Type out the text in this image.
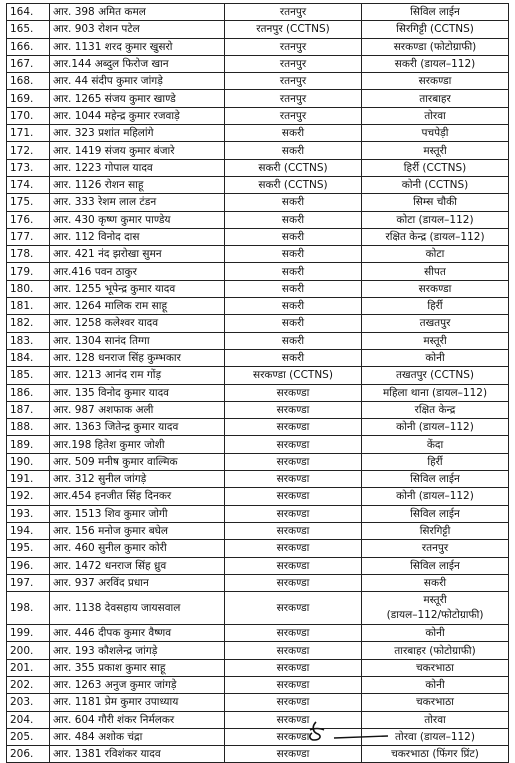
164.	आर. 398 अमित कमल	रतनपुर	सिविल लाईन
165.	आर. 903 रोशन पटेल	रतनपुर (CCTNS)	सिरगिट्टी (CCTNS)
166.	आर. 1131 शरद कुमार खुसरो	रतनपुर	सरकण्डा (फोटोग्राफी)
167.	आर.144 अब्दुल फिरोज खान	रतनपुर	सकरी (डायल–112)
168.	आर. 44 संदीप कुमार जांगड़े	रतनपुर	सरकण्डा
169.	आर. 1265 संजय कुमार खाण्डे	रतनपुर	तारबाहर
170.	आर. 1044 महेन्द्र कुमार रजवाड़े	रतनपुर	तोरवा
171.	आर. 323 प्रशांत महिलांगे	सकरी	पचपेड़ी
172.	आर. 1419 संजय कुमार बंजारे	सकरी	मस्तूरी
173.	आर. 1223 गोपाल यादव	सकरी (CCTNS)	हिर्री (CCTNS)
174.	आर. 1126 रोशन साहू	सकरी (CCTNS)	कोनी (CCTNS)
175.	आर. 333 रेशम लाल टंडन	सकरी	सिम्स चौकी
176.	आर. 430 कृष्ण कुमार पाण्डेय	सकरी	कोटा (डायल–112)
177.	आर. 112 विनोद दास	सकरी	रक्षित केन्द्र (डायल–112)
178.	आर. 421 नंद झरोखा सुमन	सकरी	कोटा
179.	आर.416 पवन ठाकुर	सकरी	सीपत
180.	आर. 1255 भूपेन्द्र कुमार यादव	सकरी	सरकण्डा
181.	आर. 1264 मालिक राम साहू	सकरी	हिर्री
182.	आर. 1258 कलेश्वर यादव	सकरी	तखतपुर
183.	आर. 1304 सानंद तिग्गा	सकरी	मस्तूरी
184.	आर. 128 धनराज सिंह कुम्भकार	सकरी	कोनी
185.	आर. 1213 आनंद राम गोंड़	सरकण्डा (CCTNS)	तखतपुर (CCTNS)
186.	आर. 135 विनोद कुमार यादव	सरकण्डा	महिला थाना (डायल–112)
187.	आर. 987 अशफाक अली	सरकण्डा	रक्षित केन्द्र
188.	आर. 1363 जितेन्द्र कुमार यादव	सरकण्डा	कोनी (डायल–112)
189.	आर.198 हितेश कुमार जोशी	सरकण्डा	केंदा
190.	आर. 509 मनीष कुमार वाल्मिक	सरकण्डा	हिर्री
191.	आर. 312 सुनील जांगड़े	सरकण्डा	सिविल लाईन
192.	आर.454 हनजीत सिंह दिनकर	सरकण्डा	कोनी (डायल–112)
193.	आर. 1513 शिव कुमार जोगी	सरकण्डा	सिविल लाईन
194.	आर. 156 मनोज कुमार बघेल	सरकण्डा	सिरगिट्टी
195.	आर. 460 सुनील कुमार कोरी	सरकण्डा	रतनपुर
196.	आर. 1472 धनराज सिंह ध्रुव	सरकण्डा	सिविल लाईन
197.	आर. 937 अरविंद प्रधान	सरकण्डा	सकरी
198.	आर. 1138 देवसहाय जायसवाल	सरकण्डा	मस्तूरी
(डायल–112/फोटोग्राफी)

199.	आर. 446 दीपक कुमार वैष्णव	सरकण्डा	कोनी
200.	आर. 193 कौशलेन्द्र जांगड़े	सरकण्डा	तारबाहर (फोटोग्राफी)
201.	आर. 355 प्रकाश कुमार साहू	सरकण्डा	चकरभाठा
202.	आर. 1263 अनुज कुमार जांगड़े	सरकण्डा	कोनी
203.	आर. 1181 प्रेम कुमार उपाध्याय	सरकण्डा	चकरभाठा
204.	आर. 604 गौरी शंकर निर्मलकर	सरकण्डा	तोरवा
205.	आर. 484 अशोक चंद्रा	सरकण्डा	तोरवा (डायल–112)
206.	आर. 1381 रविशंकर यादव	सरकण्डा	चकरभाठा (फिंगर प्रिंट)
